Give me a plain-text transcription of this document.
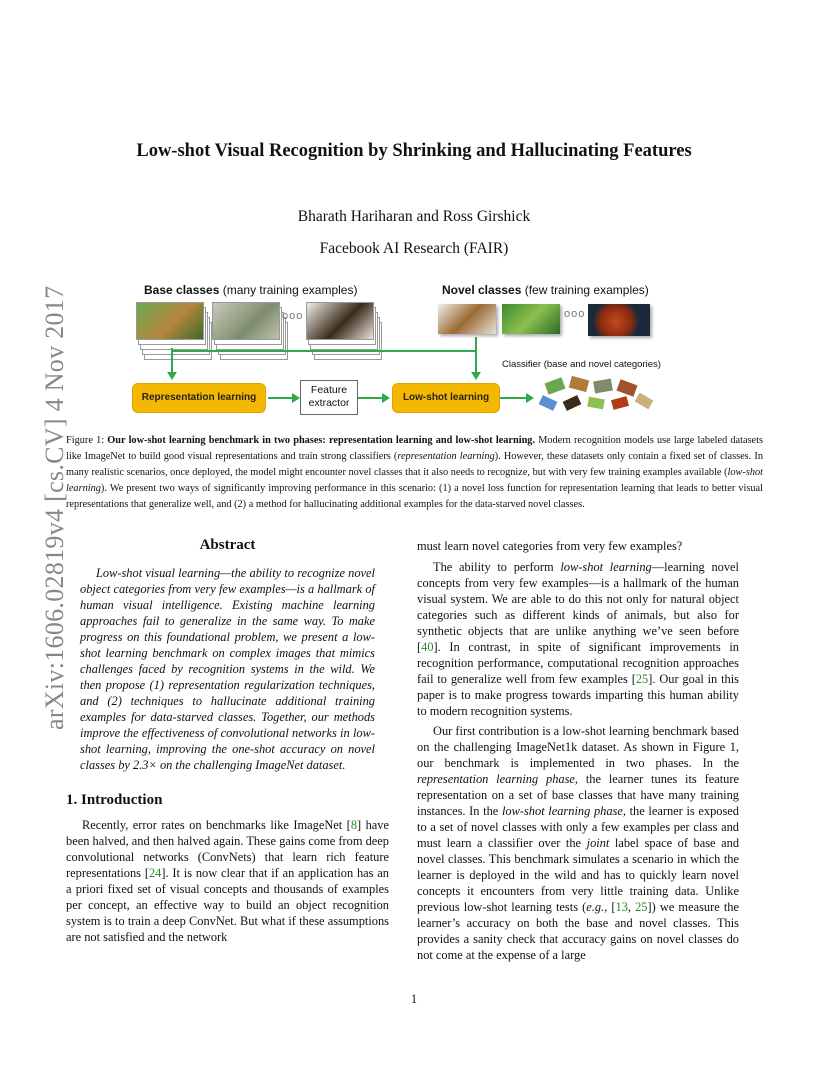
arXiv:1606.02819v4 [cs.CV] 4 Nov 2017
Low-shot Visual Recognition by Shrinking and Hallucinating Features
Bharath Hariharan and Ross Girshick
Facebook AI Research (FAIR)
Base classes (many training examples)	Novel classes (few training examples)
ooo	ooo
Representation learning
Feature
extractor	Low-shot learning
Classifier (base and novel categories)
Figure 1: Our low-shot learning benchmark in two phases: representation learning and low-shot learning. Modern recognition models use large labeled datasets like ImageNet to build good visual representations and train strong classifiers (representation learning). However, these datasets only contain a fixed set of classes. In many realistic scenarios, once deployed, the model might encounter novel classes that it also needs to recognize, but with very few training examples available (low-shot learning). We present two ways of significantly improving performance in this scenario: (1) a novel loss function for representation learning that leads to better visual representations that generalize well, and (2) a method for hallucinating additional examples for the data-starved novel classes.
Abstract
Low-shot visual learning—the ability to recognize novel object categories from very few examples—is a hallmark of human visual intelligence. Existing machine learning approaches fail to generalize in the same way. To make progress on this foundational problem, we present a low-shot learning benchmark on complex images that mimics challenges faced by recognition systems in the wild. We then propose (1) representation regularization techniques, and (2) techniques to hallucinate additional training examples for data-starved classes. Together, our methods improve the effectiveness of convolutional networks in low-shot learning, improving the one-shot accuracy on novel classes by 2.3× on the challenging ImageNet dataset.
1. Introduction

Recently, error rates on benchmarks like ImageNet [8] have been halved, and then halved again. These gains come from deep convolutional networks (ConvNets) that learn rich feature representations [24]. It is now clear that if an application has an a priori fixed set of visual concepts and thousands of examples per concept, an effective way to build an object recognition system is to train a deep ConvNet. But what if these assumptions are not satisfied and the network

must learn novel categories from very few examples?

The ability to perform low-shot learning—learning novel concepts from very few examples—is a hallmark of the human visual system. We are able to do this not only for natural object categories such as different kinds of animals, but also for synthetic objects that are unlike anything we’ve seen before [40]. In contrast, in spite of significant improvements in recognition performance, computational recognition approaches fail to generalize well from few examples [25]. Our goal in this paper is to make progress towards imparting this human ability to modern recognition systems.

Our first contribution is a low-shot learning benchmark based on the challenging ImageNet1k dataset. As shown in Figure 1, our benchmark is implemented in two phases. In the representation learning phase, the learner tunes its feature representation on a set of base classes that have many training instances. In the low-shot learning phase, the learner is exposed to a set of novel classes with only a few examples per class and must learn a classifier over the joint label space of base and novel classes. This benchmark simulates a scenario in which the learner is deployed in the wild and has to quickly learn novel concepts it encounters from very little training data. Unlike previous low-shot learning tests (e.g., [13, 25]) we measure the learner’s accuracy on both the base and novel classes. This provides a sanity check that accuracy gains on novel classes do not come at the expense of a large

1
